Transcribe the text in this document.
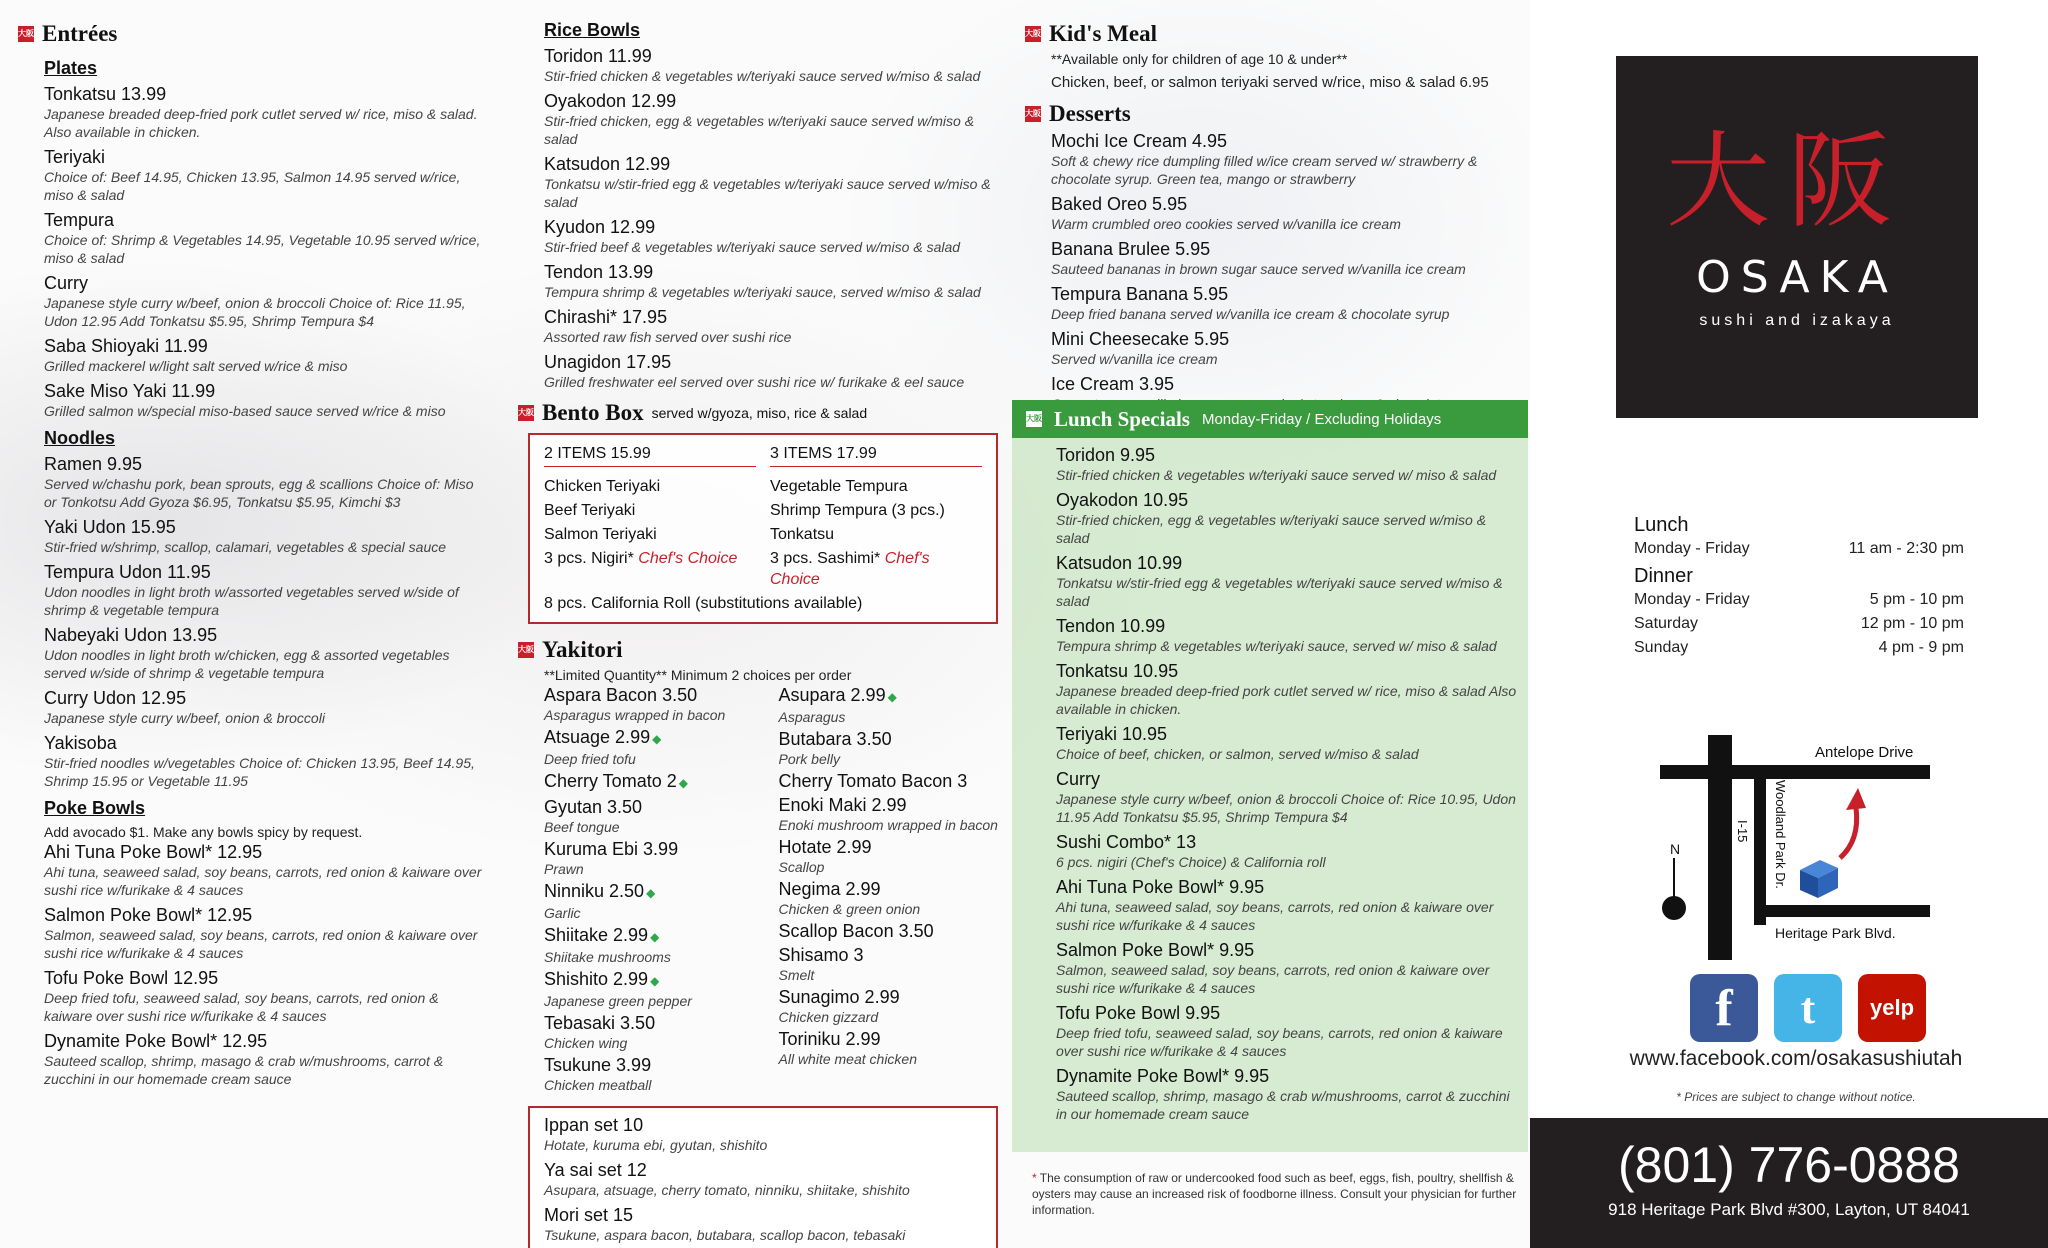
大阪 Entrées
Plates
Tonkatsu 13.99
Japanese breaded deep-fried pork cutlet served w/ rice, miso & salad. Also available in chicken.
Teriyaki
Choice of: Beef 14.95, Chicken 13.95, Salmon 14.95 served w/rice, miso & salad
Tempura
Choice of: Shrimp & Vegetables 14.95, Vegetable 10.95 served w/rice, miso & salad
Curry
Japanese style curry w/beef, onion & broccoli Choice of: Rice 11.95, Udon 12.95 Add Tonkatsu $5.95, Shrimp Tempura $4
Saba Shioyaki 11.99
Grilled mackerel w/light salt served w/rice & miso
Sake Miso Yaki 11.99
Grilled salmon w/special miso-based sauce served w/rice & miso
Noodles
Ramen 9.95
Served w/chashu pork, bean sprouts, egg & scallions Choice of: Miso or Tonkotsu Add Gyoza $6.95, Tonkatsu $5.95, Kimchi $3
Yaki Udon 15.95
Stir-fried w/shrimp, scallop, calamari, vegetables & special sauce
Tempura Udon 11.95
Udon noodles in light broth w/assorted vegetables served w/side of shrimp & vegetable tempura
Nabeyaki Udon 13.95
Udon noodles in light broth w/chicken, egg & assorted vegetables served w/side of shrimp & vegetable tempura
Curry Udon 12.95
Japanese style curry w/beef, onion & broccoli
Yakisoba
Stir-fried noodles w/vegetables Choice of: Chicken 13.95, Beef 14.95, Shrimp 15.95 or Vegetable 11.95
Poke Bowls
Add avocado $1. Make any bowls spicy by request.
Ahi Tuna Poke Bowl* 12.95
Ahi tuna, seaweed salad, soy beans, carrots, red onion & kaiware over sushi rice w/furikake & 4 sauces
Salmon Poke Bowl* 12.95
Salmon, seaweed salad, soy beans, carrots, red onion & kaiware over sushi rice w/furikake & 4 sauces
Tofu Poke Bowl 12.95
Deep fried tofu, seaweed salad, soy beans, carrots, red onion & kaiware over sushi rice w/furikake & 4 sauces
Dynamite Poke Bowl* 12.95
Sauteed scallop, shrimp, masago & crab w/mushrooms, carrot & zucchini in our homemade cream sauce
Rice Bowls
Toridon 11.99
Stir-fried chicken & vegetables w/teriyaki sauce served w/miso & salad
Oyakodon 12.99
Stir-fried chicken, egg & vegetables w/teriyaki sauce served w/miso & salad
Katsudon 12.99
Tonkatsu w/stir-fried egg & vegetables w/teriyaki sauce served w/miso & salad
Kyudon 12.99
Stir-fried beef & vegetables w/teriyaki sauce served w/miso & salad
Tendon 13.99
Tempura shrimp & vegetables w/teriyaki sauce, served w/miso & salad
Chirashi* 17.95
Assorted raw fish served over sushi rice
Unagidon 17.95
Grilled freshwater eel served over sushi rice w/ furikake & eel sauce
大阪 Bento Box served w/gyoza, miso, rice & salad
2 ITEMS 15.99	3 ITEMS 17.99
Chicken Teriyaki	Vegetable Tempura
Beef Teriyaki	Shrimp Tempura (3 pcs.)
Salmon Teriyaki	Tonkatsu
3 pcs. Nigiri* Chef's Choice	3 pcs. Sashimi* Chef's Choice
8 pcs. California Roll (substitutions available)
大阪 Yakitori
**Limited Quantity** Minimum 2 choices per order
Aspara Bacon 3.50
Asparagus wrapped in bacon
Atsuage 2.99 ◆
Deep fried tofu
Cherry Tomato 2 ◆
Gyutan 3.50
Beef tongue
Kuruma Ebi 3.99
Prawn
Ninniku 2.50 ◆
Garlic
Shiitake 2.99 ◆
Shiitake mushrooms
Shishito 2.99 ◆
Japanese green pepper
Tebasaki 3.50
Chicken wing
Tsukune 3.99
Chicken meatball
Asupara 2.99 ◆
Asparagus
Butabara 3.50
Pork belly
Cherry Tomato Bacon 3
Enoki Maki 2.99
Enoki mushroom wrapped in bacon
Hotate 2.99
Scallop
Negima 2.99
Chicken & green onion
Scallop Bacon 3.50
Shisamo 3
Smelt
Sunagimo 2.99
Chicken gizzard
Toriniku 2.99
All white meat chicken
Ippan set 10
Hotate, kuruma ebi, gyutan, shishito
Ya sai set 12
Asupara, atsuage, cherry tomato, ninniku, shiitake, shishito
Mori set 15
Tsukune, aspara bacon, butabara, scallop bacon, tebasaki
大阪 Kid's Meal
**Available only for children of age 10 & under**
Chicken, beef, or salmon teriyaki served w/rice, miso & salad 6.95
大阪 Desserts
Mochi Ice Cream 4.95
Soft & chewy rice dumpling filled w/ice cream served w/ strawberry & chocolate syrup. Green tea, mango or strawberry
Baked Oreo 5.95
Warm crumbled oreo cookies served w/vanilla ice cream
Banana Brulee 5.95
Sauteed bananas in brown sugar sauce served w/vanilla ice cream
Tempura Banana 5.95
Deep fried banana served w/vanilla ice cream & chocolate syrup
Mini Cheesecake 5.95
Served w/vanilla ice cream
Ice Cream 3.95
大阪 Lunch Specials Monday-Friday / Excluding Holidays
Toridon 9.95
Stir-fried chicken & vegetables w/teriyaki sauce served w/ miso & salad
Oyakodon 10.95
Stir-fried chicken, egg & vegetables w/teriyaki sauce served w/miso & salad
Katsudon 10.99
Tonkatsu w/stir-fried egg & vegetables w/teriyaki sauce served w/miso & salad
Tendon 10.99
Tempura shrimp & vegetables w/teriyaki sauce, served w/ miso & salad
Tonkatsu 10.95
Japanese breaded deep-fried pork cutlet served w/ rice, miso & salad Also available in chicken.
Teriyaki 10.95
Choice of beef, chicken, or salmon, served w/miso & salad
Curry
Japanese style curry w/beef, onion & broccoli Choice of: Rice 10.95, Udon 11.95 Add Tonkatsu $5.95, Shrimp Tempura $4
Sushi Combo* 13
6 pcs. nigiri (Chef's Choice) & California roll
Ahi Tuna Poke Bowl* 9.95
Ahi tuna, seaweed salad, soy beans, carrots, red onion & kaiware over sushi rice w/furikake & 4 sauces
Salmon Poke Bowl* 9.95
Salmon, seaweed salad, soy beans, carrots, red onion & kaiware over sushi rice w/furikake & 4 sauces
Tofu Poke Bowl 9.95
Deep fried tofu, seaweed salad, soy beans, carrots, red onion & kaiware over sushi rice w/furikake & 4 sauces
Dynamite Poke Bowl* 9.95
Sauteed scallop, shrimp, masago & crab w/mushrooms, carrot & zucchini in our homemade cream sauce
* The consumption of raw or undercooked food such as beef, eggs, fish, poultry, shellfish & oysters may cause an increased risk of foodborne illness. Consult your physician for further information.
大阪
OSAKA
sushi and izakaya
Lunch
Monday - Friday	11 am - 2:30 pm
Dinner
Monday - Friday	5 pm - 10 pm
Saturday	12 pm - 10 pm
Sunday	4 pm - 9 pm
Antelope Drive
Woodland Park Dr.
I-15
Heritage Park Blvd.
N
f	t	yelp
www.facebook.com/osakasushiutah
* Prices are subject to change without notice.
(801) 776-0888
918 Heritage Park Blvd #300, Layton, UT 84041
